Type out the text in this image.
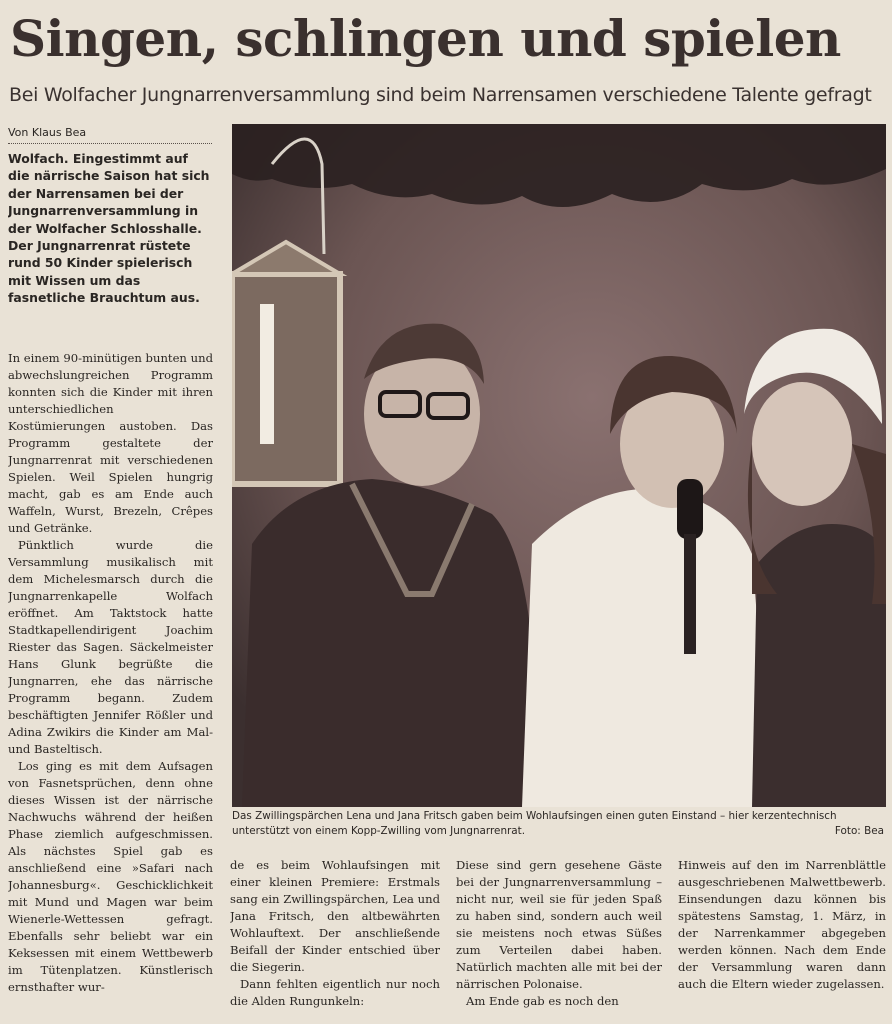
Singen, schlingen und spielen
Bei Wolfacher Jungnarrenversammlung sind beim Narrensamen verschiedene Talente gefragt
Von Klaus Bea
Wolfach. Eingestimmt auf die närrische Saison hat sich der Narrensamen bei der Jungnarrenversammlung in der Wolfacher Schlosshalle. Der Jungnarrenrat rüstete rund 50 Kinder spielerisch mit Wissen um das fasnetliche Brauchtum aus.

In einem 90-minütigen bunten und abwechslungreichen Programm konnten sich die Kinder mit ihren unterschiedlichen Kostümierungen austoben. Das Programm gestaltete der Jungnarrenrat mit verschiedenen Spielen. Weil Spielen hungrig macht, gab es am Ende auch Waffeln, Wurst, Brezeln, Crêpes und Getränke.

Pünktlich wurde die Versammlung musikalisch mit dem Michelesmarsch durch die Jungnarrenkapelle Wolfach eröffnet. Am Taktstock hatte Stadtkapellendirigent Joachim Riester das Sagen. Säckelmeister Hans Glunk begrüßte die Jungnarren, ehe das närrische Programm begann. Zudem beschäftigten Jennifer Rößler und Adina Zwikirs die Kinder am Mal- und Basteltisch.

Los ging es mit dem Aufsagen von Fasnetsprüchen, denn ohne dieses Wissen ist der närrische Nachwuchs während der heißen Phase ziemlich aufgeschmissen. Als nächstes Spiel gab es anschließend eine »Safari nach Johannesburg«. Geschicklichkeit mit Mund und Magen war beim Wienerle-Wettessen gefragt. Ebenfalls sehr beliebt war ein Keksessen mit einem Wettbewerb im Tütenplatzen. Künstlerisch ernsthafter wur-

Das Zwillingspärchen Lena und Jana Fritsch gaben beim Wohlaufsingen einen guten Einstand – hier kerzentechnisch unterstützt von einem Kopp-Zwilling vom Jungnarrenrat.	Foto: Bea

de es beim Wohlaufsingen mit einer kleinen Premiere: Erstmals sang ein Zwillingspärchen, Lea und Jana Fritsch, den altbewährten Wohlauftext. Der anschließende Beifall der Kinder entschied über die Siegerin.

Dann fehlten eigentlich nur noch die Alden Rungunkeln:

Diese sind gern gesehene Gäste bei der Jungnarrenversammlung – nicht nur, weil sie für jeden Spaß zu haben sind, sondern auch weil sie meistens noch etwas Süßes zum Verteilen dabei haben. Natürlich machten alle mit bei der närrischen Polonaise.

Am Ende gab es noch den

Hinweis auf den im Narrenblättle ausgeschriebenen Malwettbewerb. Einsendungen dazu können bis spätestens Samstag, 1. März, in der Narrenkammer abgegeben werden können. Nach dem Ende der Versammlung waren dann auch die Eltern wieder zugelassen.
